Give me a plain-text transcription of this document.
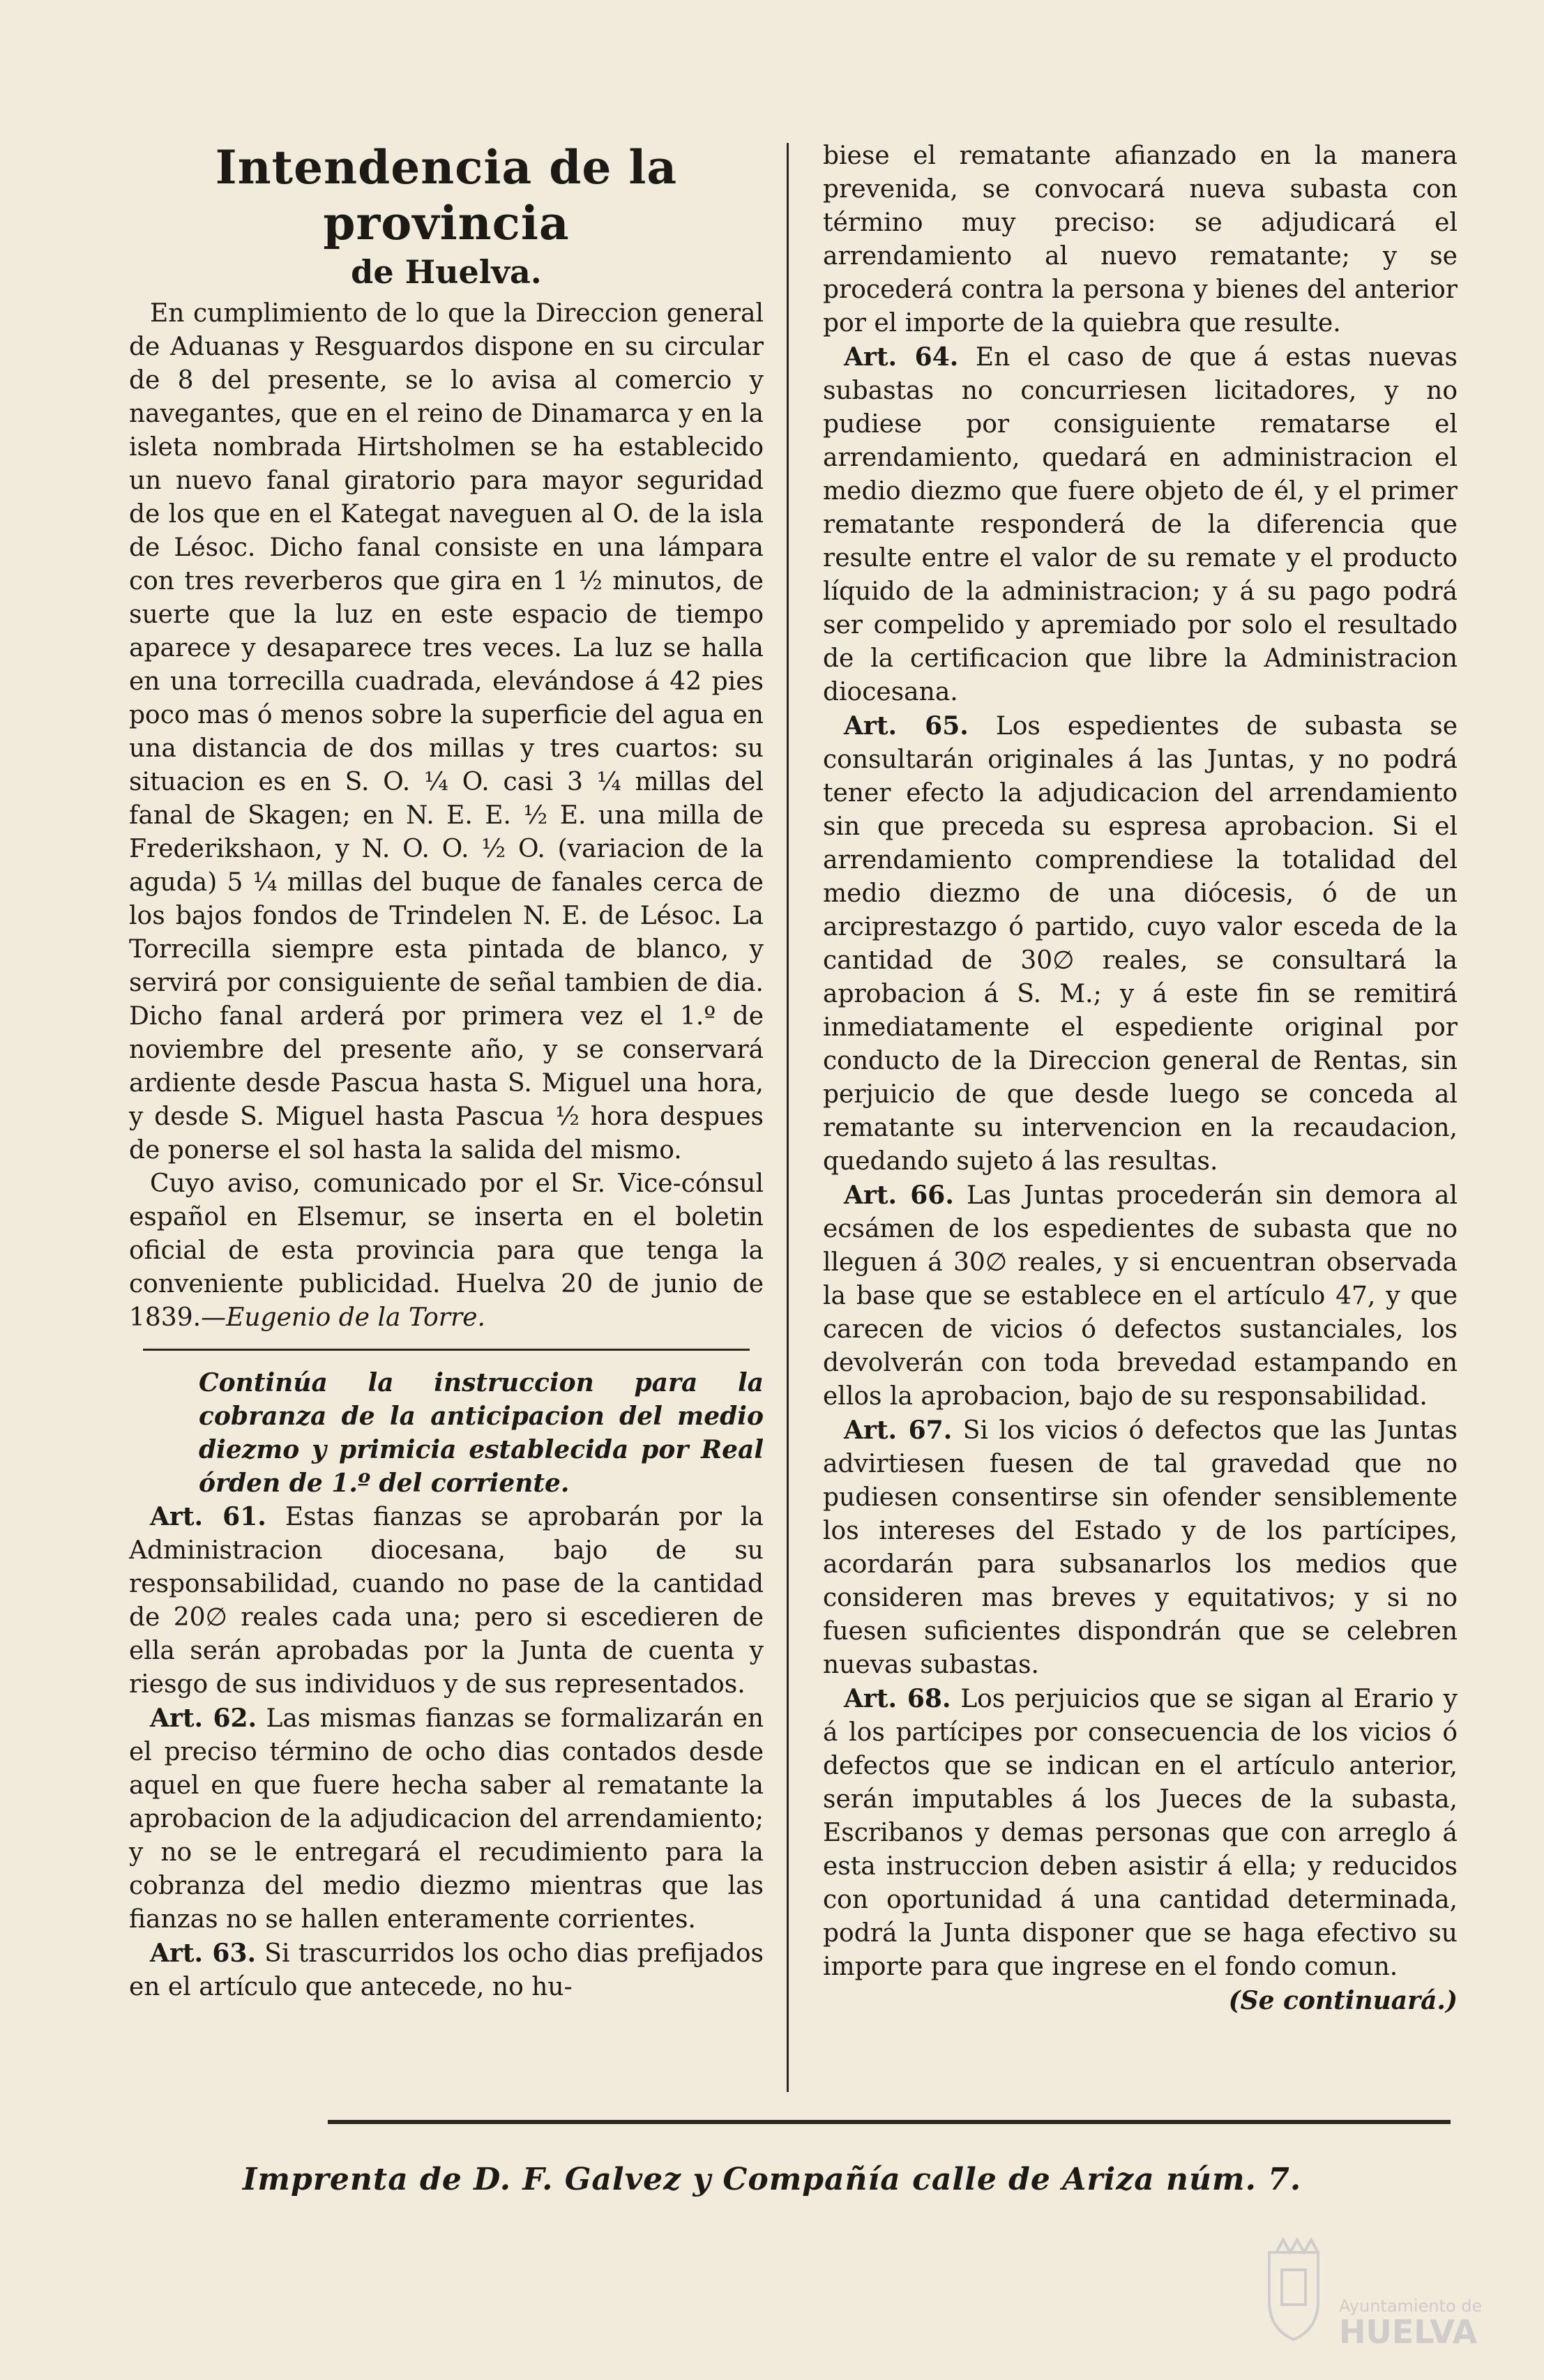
Intendencia de la provincia
de Huelva.

En cumplimiento de lo que la Direccion general de Aduanas y Resguardos dispone en su circular de 8 del presente, se lo avisa al comercio y navegantes, que en el reino de Dinamarca y en la isleta nombrada Hirtsholmen se ha establecido un nuevo fanal giratorio para mayor seguridad de los que en el Kategat naveguen al O. de la isla de Lésoc. Dicho fanal consiste en una lámpara con tres reverberos que gira en 1 ½ minutos, de suerte que la luz en este espacio de tiempo aparece y desaparece tres veces. La luz se halla en una torrecilla cuadrada, elevándose á 42 pies poco mas ó menos sobre la superficie del agua en una distancia de dos millas y tres cuartos: su situacion es en S. O. ¼ O. casi 3 ¼ millas del fanal de Skagen; en N. E. E. ½ E. una milla de Frederikshaon, y N. O. O. ½ O. (variacion de la aguda) 5 ¼ millas del buque de fanales cerca de los bajos fondos de Trindelen N. E. de Lésoc. La Torrecilla siempre esta pintada de blanco, y servirá por consiguiente de señal tambien de dia. Dicho fanal arderá por primera vez el 1.º de noviembre del presente año, y se conservará ardiente desde Pascua hasta S. Miguel una hora, y desde S. Miguel hasta Pascua ½ hora despues de ponerse el sol hasta la salida del mismo.

Cuyo aviso, comunicado por el Sr. Vice-cónsul español en Elsemur, se inserta en el boletin oficial de esta provincia para que tenga la conveniente publicidad. Huelva 20 de junio de 1839.—Eugenio de la Torre.

Continúa la instruccion para la cobranza de la anticipacion del medio diezmo y primicia establecida por Real órden de 1.º del corriente.

Art. 61. Estas fianzas se aprobarán por la Administracion diocesana, bajo de su responsabilidad, cuando no pase de la cantidad de 20∅ reales cada una; pero si escedieren de ella serán aprobadas por la Junta de cuenta y riesgo de sus individuos y de sus representados.

Art. 62. Las mismas fianzas se formalizarán en el preciso término de ocho dias contados desde aquel en que fuere hecha saber al rematante la aprobacion de la adjudicacion del arrendamiento; y no se le entregará el recudimiento para la cobranza del medio diezmo mientras que las fianzas no se hallen enteramente corrientes.

Art. 63. Si trascurridos los ocho dias prefijados en el artículo que antecede, no hu-

biese el rematante afianzado en la manera prevenida, se convocará nueva subasta con término muy preciso: se adjudicará el arrendamiento al nuevo rematante; y se procederá contra la persona y bienes del anterior por el importe de la quiebra que resulte.

Art. 64. En el caso de que á estas nuevas subastas no concurriesen licitadores, y no pudiese por consiguiente rematarse el arrendamiento, quedará en administracion el medio diezmo que fuere objeto de él, y el primer rematante responderá de la diferencia que resulte entre el valor de su remate y el producto líquido de la administracion; y á su pago podrá ser compelido y apremiado por solo el resultado de la certificacion que libre la Administracion diocesana.

Art. 65. Los espedientes de subasta se consultarán originales á las Juntas, y no podrá tener efecto la adjudicacion del arrendamiento sin que preceda su espresa aprobacion. Si el arrendamiento comprendiese la totalidad del medio diezmo de una diócesis, ó de un arciprestazgo ó partido, cuyo valor esceda de la cantidad de 30∅ reales, se consultará la aprobacion á S. M.; y á este fin se remitirá inmediatamente el espediente original por conducto de la Direccion general de Rentas, sin perjuicio de que desde luego se conceda al rematante su intervencion en la recaudacion, quedando sujeto á las resultas.

Art. 66. Las Juntas procederán sin demora al ecsámen de los espedientes de subasta que no lleguen á 30∅ reales, y si encuentran observada la base que se establece en el artículo 47, y que carecen de vicios ó defectos sustanciales, los devolverán con toda brevedad estampando en ellos la aprobacion, bajo de su responsabilidad.

Art. 67. Si los vicios ó defectos que las Juntas advirtiesen fuesen de tal gravedad que no pudiesen consentirse sin ofender sensiblemente los intereses del Estado y de los partícipes, acordarán para subsanarlos los medios que consideren mas breves y equitativos; y si no fuesen suficientes dispondrán que se celebren nuevas subastas.

Art. 68. Los perjuicios que se sigan al Erario y á los partícipes por consecuencia de los vicios ó defectos que se indican en el artículo anterior, serán imputables á los Jueces de la subasta, Escribanos y demas personas que con arreglo á esta instruccion deben asistir á ella; y reducidos con oportunidad á una cantidad determinada, podrá la Junta disponer que se haga efectivo su importe para que ingrese en el fondo comun.

(Se continuará.)

Imprenta de D. F. Galvez y Compañía calle de Ariza núm. 7.
Ayuntamiento de
HUELVA
